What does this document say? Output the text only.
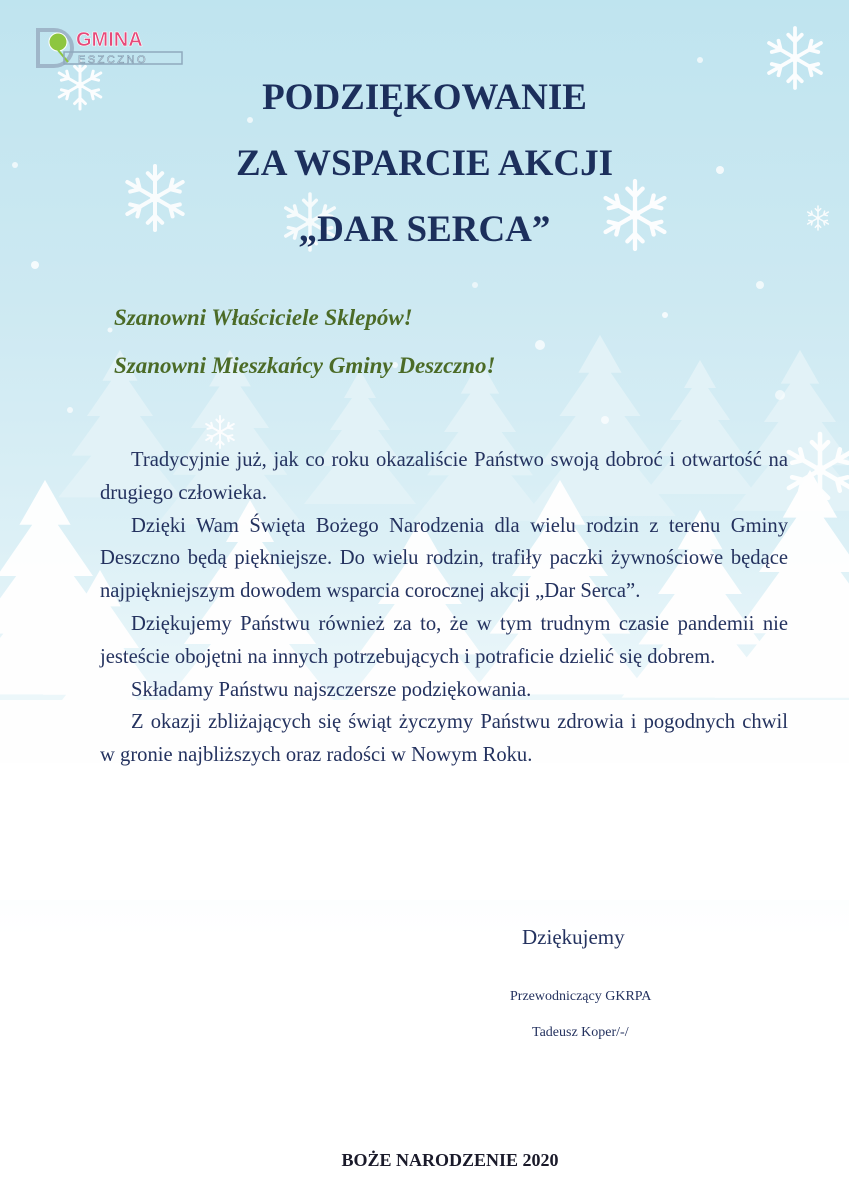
GMINA
ESZCZNO
PODZIĘKOWANIE
ZA WSPARCIE AKCJI
„DAR SERCA”
Szanowni Właściciele Sklepów!
Szanowni Mieszkańcy Gminy Deszczno!

Tradycyjnie już, jak co roku okazaliście Państwo swoją dobroć i otwartość na drugiego człowieka.

Dzięki Wam Święta Bożego Narodzenia dla wielu rodzin z terenu Gminy Deszczno będą piękniejsze. Do wielu rodzin, trafiły paczki żywnościowe będące najpiękniejszym dowodem wsparcia corocznej akcji „Dar Serca”.

Dziękujemy Państwu również za to, że w tym trudnym czasie pandemii nie jesteście obojętni na innych potrzebujących i potraficie dzielić się dobrem.

Składamy Państwu najszczersze podziękowania.

Z okazji zbliżających się świąt życzymy Państwu zdrowia i pogodnych chwil w gronie najbliższych oraz radości w Nowym Roku.

Dziękujemy
Przewodniczący GKRPA
Tadeusz Koper/-/
BOŻE NARODZENIE 2020
